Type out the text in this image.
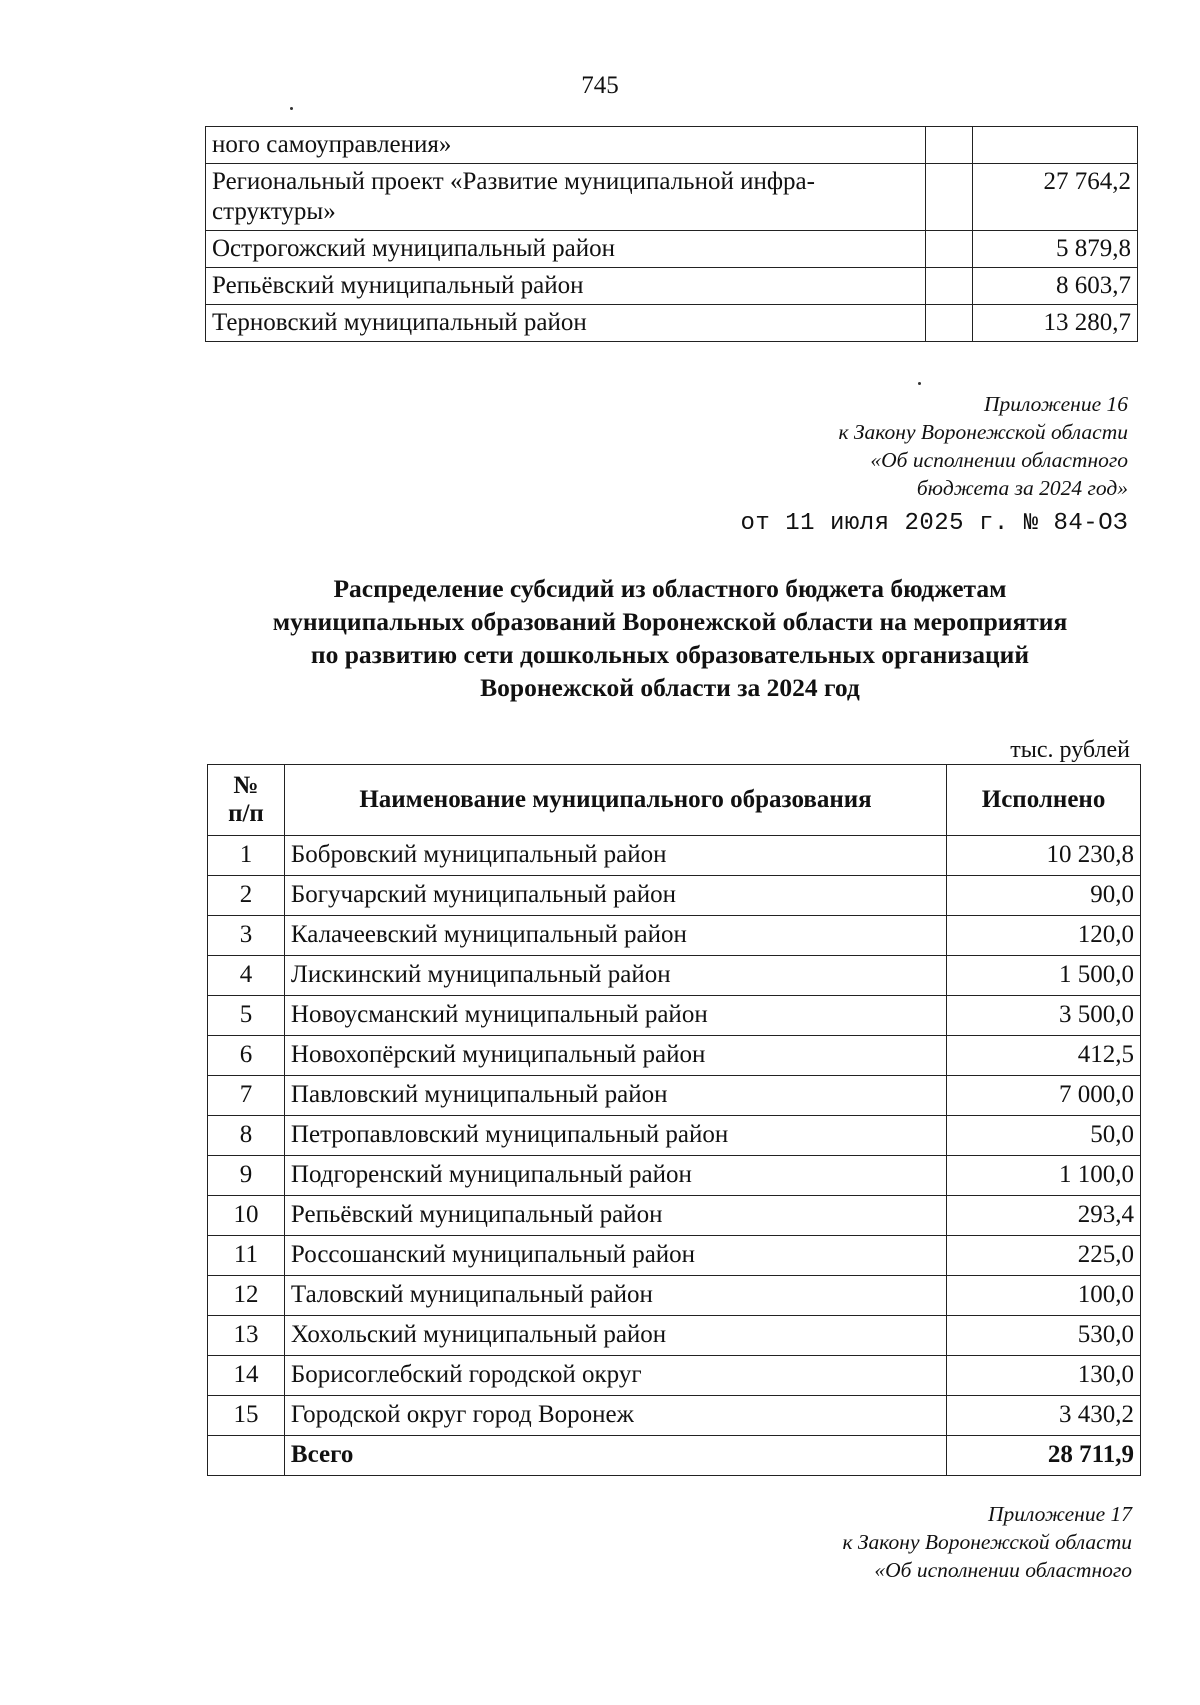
745
ного самоуправления»		
Региональный проект «Развитие муниципальной инфра-структуры»		27 764,2
Острогожский муниципальный район		5 879,8
Репьёвский муниципальный район		8 603,7
Терновский муниципальный район		13 280,7
Приложение 16
к Закону Воронежской области
«Об исполнении областного
бюджета за 2024 год»
от 11 июля 2025 г. № 84-ОЗ
Распределение субсидий из областного бюджета бюджетам
муниципальных образований Воронежской области на мероприятия
по развитию сети дошкольных образовательных организаций
Воронежской области за 2024 год
тыс. рублей
№
п/п	Наименование муниципального образования	Исполнено
1	Бобровский муниципальный район	10 230,8
2	Богучарский муниципальный район	90,0
3	Калачеевский муниципальный район	120,0
4	Лискинский муниципальный район	1 500,0
5	Новоусманский муниципальный район	3 500,0
6	Новохопёрский муниципальный район	412,5
7	Павловский муниципальный район	7 000,0
8	Петропавловский муниципальный район	50,0
9	Подгоренский муниципальный район	1 100,0
10	Репьёвский муниципальный район	293,4
11	Россошанский муниципальный район	225,0
12	Таловский муниципальный район	100,0
13	Хохольский муниципальный район	530,0
14	Борисоглебский городской округ	130,0
15	Городской округ город Воронеж	3 430,2
	Всего	28 711,9
Приложение 17
к Закону Воронежской области
«Об исполнении областного
